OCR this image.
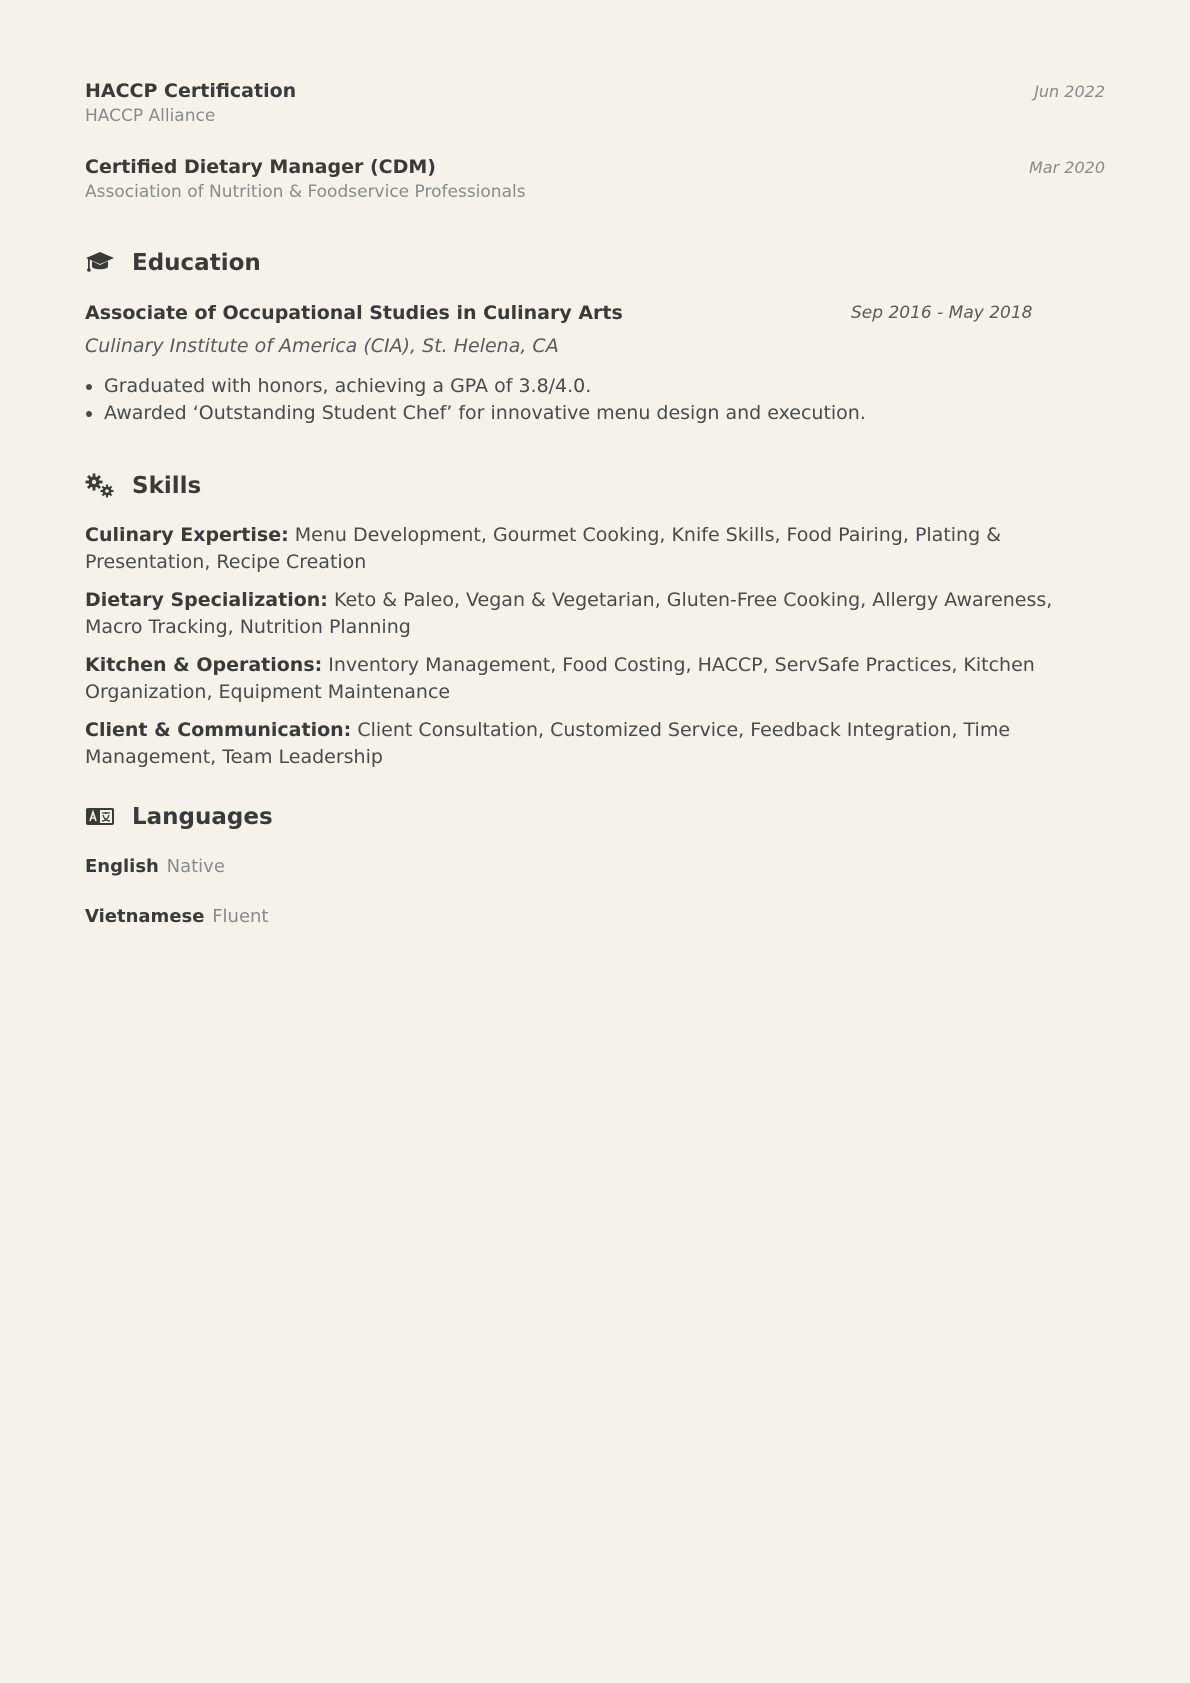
HACCP Certification
HACCP Alliance
Jun 2022
Certified Dietary Manager (CDM)
Association of Nutrition & Foodservice Professionals
Mar 2020
Education
Associate of Occupational Studies in Culinary Arts	Sep 2016 - May 2018
Culinary Institute of America (CIA), St. Helena, CA
• Graduated with honors, achieving a GPA of 3.8/4.0.
• Awarded ‘Outstanding Student Chef’ for innovative menu design and execution.
Skills
Culinary Expertise: Menu Development, Gourmet Cooking, Knife Skills, Food Pairing, Plating & Presentation, Recipe Creation
Dietary Specialization: Keto & Paleo, Vegan & Vegetarian, Gluten-Free Cooking, Allergy Awareness, Macro Tracking, Nutrition Planning
Kitchen & Operations: Inventory Management, Food Costing, HACCP, ServSafe Practices, Kitchen Organization, Equipment Maintenance
Client & Communication: Client Consultation, Customized Service, Feedback Integration, Time Management, Team Leadership
Languages
English Native
Vietnamese Fluent
